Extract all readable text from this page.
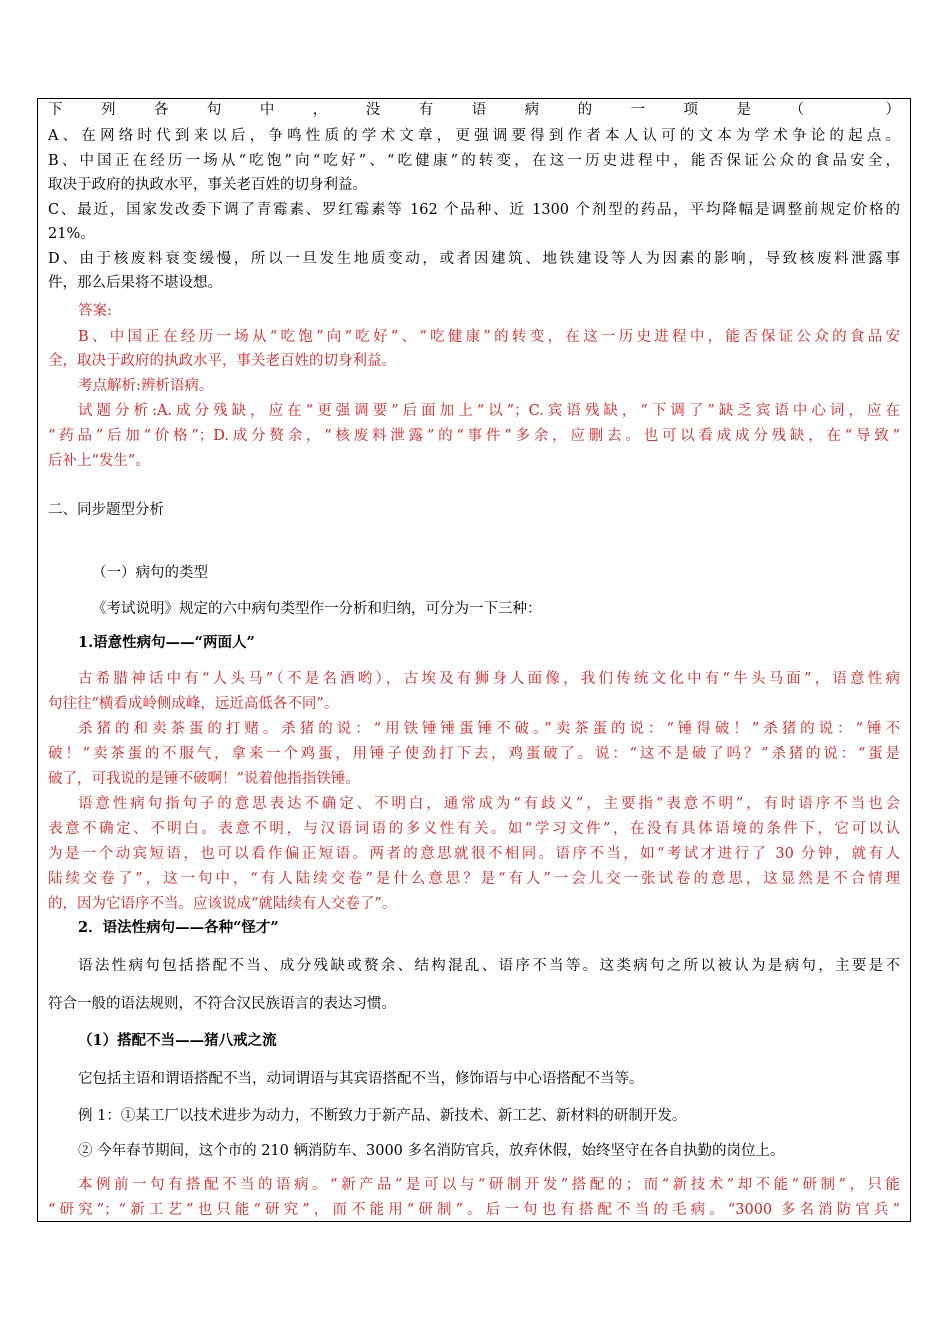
下列各句中，没有语病的一项是（ ）
A、在网络时代到来以后，争鸣性质的学术文章，更强调要得到作者本人认可的文本为学术争论的起点。
B、中国正在经历一场从“吃饱”向“吃好”、“吃健康”的转变，在这一历史进程中，能否保证公众的食品安全，
取决于政府的执政水平，事关老百姓的切身利益。
C、最近，国家发改委下调了青霉素、罗红霉素等 162 个品种、近 1300 个剂型的药品，平均降幅是调整前规定价格的
21%。
D、由于核废料衰变缓慢，所以一旦发生地质变动，或者因建筑、地铁建设等人为因素的影响，导致核废料泄露事
件，那么后果将不堪设想。
答案:
B、中国正在经历一场从“吃饱”向“吃好”、“吃健康”的转变，在这一历史进程中，能否保证公众的食品安
全，取决于政府的执政水平，事关老百姓的切身利益。
考点解析:辨析语病。
试题分析:A.成分残缺，应在“更强调要”后面加上“以”；C.宾语残缺，“下调了”缺乏宾语中心词，应在
“药品”后加“价格”；D.成分赘余，“核废料泄露”的“事件”多余，应删去。也可以看成成分残缺，在“导致”
后补上“发生”。
二、同步题型分析
（一）病句的类型
《考试说明》规定的六中病句类型作一分析和归纳，可分为一下三种：
1.语意性病句——“两面人”
古希腊神话中有“人头马”（不是名酒哟），古埃及有狮身人面像，我们传统文化中有“牛头马面”，语意性病
句往往“横看成岭侧成峰，远近高低各不同”。
杀猪的和卖茶蛋的打赌。杀猪的说：“用铁锤锤蛋锤不破。”卖茶蛋的说：“锤得破！”杀猪的说：“锤不
破！”卖茶蛋的不服气，拿来一个鸡蛋，用锤子使劲打下去，鸡蛋破了。说：“这不是破了吗？”杀猪的说：“蛋是
破了，可我说的是锤不破啊！”说着他指指铁锤。
语意性病句指句子的意思表达不确定、不明白，通常成为“有歧义”，主要指“表意不明”，有时语序不当也会
表意不确定、不明白。表意不明，与汉语词语的多义性有关。如“学习文件”，在没有具体语境的条件下，它可以认
为是一个动宾短语，也可以看作偏正短语。两者的意思就很不相同。语序不当，如“考试才进行了 30 分钟，就有人
陆续交卷了”，这一句中，“有人陆续交卷”是什么意思？是“有人”一会儿交一张试卷的意思，这显然是不合情理
的，因为它语序不当。应该说成“就陆续有人交卷了”。
2．语法性病句——各种“怪才”
语法性病句包括搭配不当、成分残缺或赘余、结构混乱、语序不当等。这类病句之所以被认为是病句，主要是不
符合一般的语法规则，不符合汉民族语言的表达习惯。
（1）搭配不当——猪八戒之流
它包括主语和谓语搭配不当，动词谓语与其宾语搭配不当，修饰语与中心语搭配不当等。
例 1：①某工厂以技术进步为动力，不断致力于新产品、新技术、新工艺、新材料的研制开发。
② 今年春节期间，这个市的 210 辆消防车、3000 多名消防官兵，放弃休假，始终坚守在各自执勤的岗位上。
本例前一句有搭配不当的语病。“新产品”是可以与“研制开发”搭配的；而“新技术”却不能“研制”，只能
“研究”；“新工艺”也只能“研究”，而不能用“研制”。后一句也有搭配不当的毛病。“3000 多名消防官兵”
